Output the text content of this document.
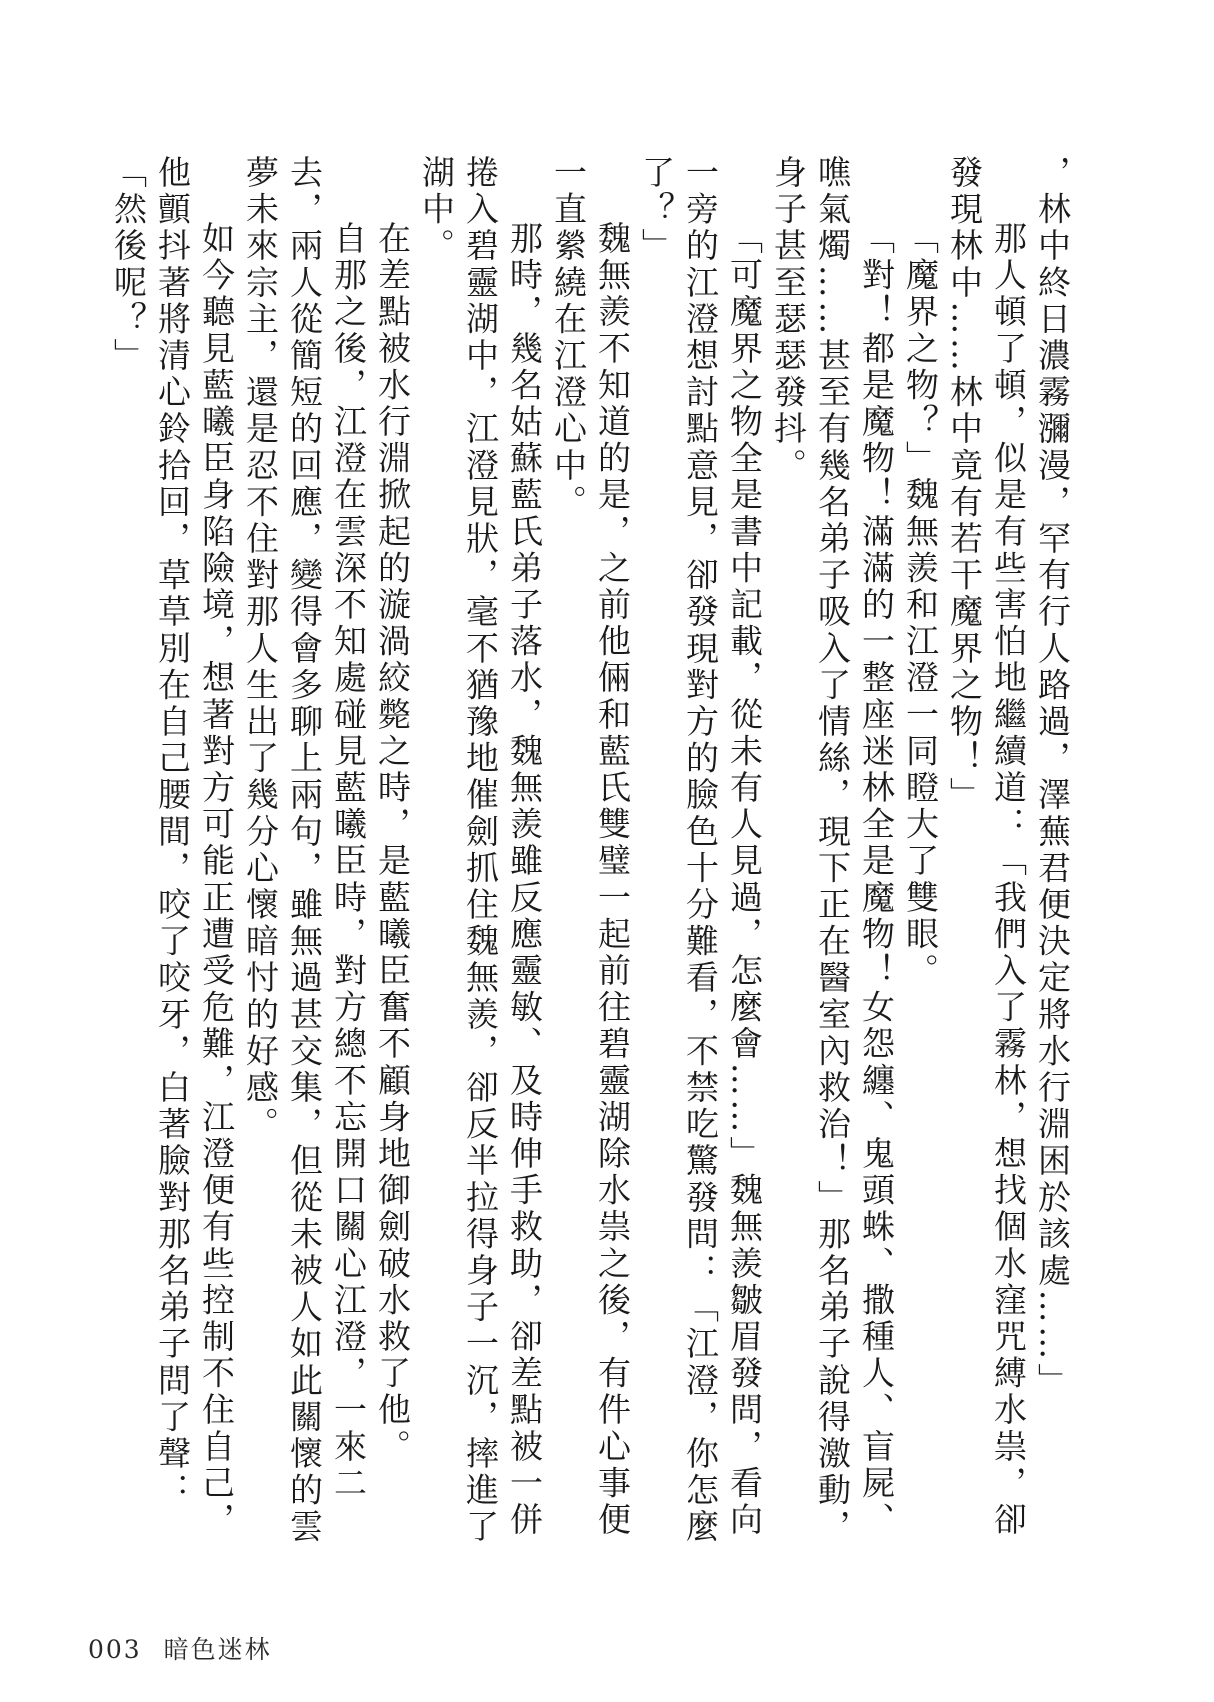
，林中終日濃霧瀰漫，罕有行人路過，澤蕪君便決定將水行淵困於該處……」

那人頓了頓，似是有些害怕地繼續道：「我們入了霧林，想找個水窪咒縛水祟，卻發現林中……林中竟有若干魔界之物！」

「魔界之物？」魏無羨和江澄一同瞪大了雙眼。

「對！都是魔物！滿滿的一整座迷林全是魔物！女怨纏、鬼頭蛛、撒種人、盲屍、噍氣燭……甚至有幾名弟子吸入了情絲，現下正在醫室內救治！」那名弟子說得激動，身子甚至瑟瑟發抖。

「可魔界之物全是書中記載，從未有人見過，怎麼會……」魏無羨皺眉發問，看向一旁的江澄想討點意見，卻發現對方的臉色十分難看，不禁吃驚發問：「江澄，你怎麼了？」

魏無羨不知道的是，之前他倆和藍氏雙璧一起前往碧靈湖除水祟之後，有件心事便一直縈繞在江澄心中。

那時，幾名姑蘇藍氏弟子落水，魏無羨雖反應靈敏、及時伸手救助，卻差點被一併捲入碧靈湖中，江澄見狀，毫不猶豫地催劍抓住魏無羨，卻反半拉得身子一沉，摔進了湖中。

在差點被水行淵掀起的漩渦絞斃之時，是藍曦臣奮不顧身地御劍破水救了他。

自那之後，江澄在雲深不知處碰見藍曦臣時，對方總不忘開口關心江澄，一來二去，兩人從簡短的回應，變得會多聊上兩句，雖無過甚交集，但從未被人如此關懷的雲夢未來宗主，還是忍不住對那人生出了幾分心懷暗忖的好感。

如今聽見藍曦臣身陷險境，想著對方可能正遭受危難，江澄便有些控制不住自己，他顫抖著將清心鈴拾回，草草別在自己腰間，咬了咬牙，白著臉對那名弟子問了聲：「然後呢？」

003 暗色迷林
